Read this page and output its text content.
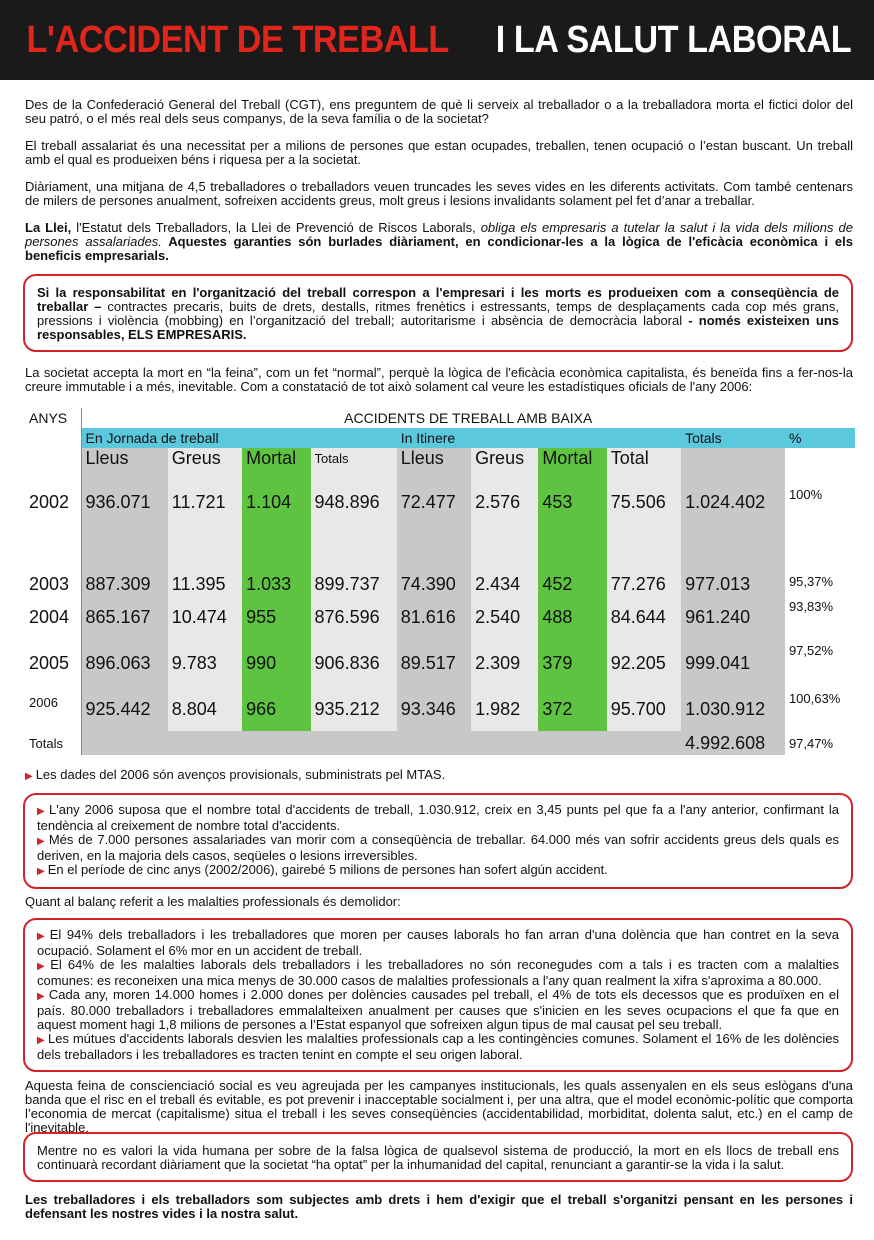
L'ACCIDENT DE TREBALL I LA SALUT LABORAL

Des de la Confederació General del Treball (CGT), ens preguntem de què li serveix al treballador o a la treballadora morta el fictici dolor del seu patró, o el més real dels seus companys, de la seva família o de la societat?

El treball assalariat és una necessitat per a milions de persones que estan ocupades, treballen, tenen ocupació o l’estan buscant. Un treball amb el qual es produeixen béns i riquesa per a la societat.

Diàriament, una mitjana de 4,5 treballadores o treballadors veuen truncades les seves vides en les diferents activitats. Com també centenars de milers de persones anualment, sofreixen accidents greus, molt greus i lesions invalidants solament pel fet d’anar a treballar.

La Llei, l'Estatut dels Treballadors, la Llei de Prevenció de Riscos Laborals, obliga els empresaris a tutelar la salut i la vida dels milions de persones assalariades. Aquestes garanties són burlades diàriament, en condicionar-les a la lògica de l'eficàcia econòmica i els beneficis empresarials.

Si la responsabilitat en l'organització del treball correspon a l'empresari i les morts es produeixen com a conseqüència de treballar – contractes precaris, buits de drets, destalls, ritmes frenètics i estressants, temps de desplaçaments cada cop més grans, pressions i violència (mobbing) en l’organització del treball; autoritarisme i absència de democràcia laboral - només existeixen uns responsables, ELS EMPRESARIS.
La societat accepta la mort en “la feina”, com un fet “normal”, perquè la lògica de l'eficàcia econòmica capitalista, és beneïda fins a fer-nos-la creure immutable i a més, inevitable. Com a constatació de tot això solament cal veure les estadístiques oficials de l'any 2006:
ANYS	ACCIDENTS DE TREBALL AMB BAIXA									
	En Jornada de treball				In Itinere				Totals	%
	Lleus	Greus	Mortal	Totals	Lleus	Greus	Mortal	Total		
2002	936.071	11.721	1.104	948.896	72.477	2.576	453	75.506	1.024.402	100%
2003	887.309	11.395	1.033	899.737	74.390	2.434	452	77.276	977.013	95,37%
2004	865.167	10.474	955	876.596	81.616	2.540	488	84.644	961.240	93,83%
2005	896.063	9.783	990	906.836	89.517	2.309	379	92.205	999.041	97,52%
2006	925.442	8.804	966	935.212	93.346	1.982	372	95.700	1.030.912	100,63%
Totals									4.992.608	97,47%
▶ Les dades del 2006 són avenços provisionals, subministrats pel MTAS.
▶ L'any 2006 suposa que el nombre total d'accidents de treball, 1.030.912, creix en 3,45 punts pel que fa a l'any anterior, confirmant la tendència al creixement de nombre total d'accidents.
▶ Més de 7.000 persones assalariades van morir com a conseqüència de treballar. 64.000 més van sofrir accidents greus dels quals es deriven, en la majoria dels casos, seqüeles o lesions irreversibles.
▶ En el període de cinc anys (2002/2006), gairebé 5 milions de persones han sofert algún accident.
Quant al balanç referit a les malalties professionals és demolidor:
▶ El 94% dels treballadors i les treballadores que moren per causes laborals ho fan arran d'una dolència que han contret en la seva ocupació. Solament el 6% mor en un accident de treball.
▶ El 64% de les malalties laborals dels treballadors i les treballadores no són reconegudes com a tals i es tracten com a malalties comunes: es reconeixen una mica menys de 30.000 casos de malalties professionals a l'any quan realment la xifra s'aproxima a 80.000.
▶ Cada any, moren 14.000 homes i 2.000 dones per dolències causades pel treball, el 4% de tots els decessos que es produïxen en el país. 80.000 treballadors i treballadores emmalalteixen anualment per causes que s'inicien en les seves ocupacions el que fa que en aquest moment hagi 1,8 milions de persones a l’Estat espanyol que sofreixen algun tipus de mal causat pel seu treball.
▶ Les mútues d'accidents laborals desvien les malalties professionals cap a les contingències comunes. Solament el 16% de les dolències dels treballadors i les treballadores es tracten tenint en compte el seu origen laboral.
Aquesta feina de conscienciació social es veu agreujada per les campanyes institucionals, les quals assenyalen en els seus eslògans d'una banda que el risc en el treball és evitable, es pot prevenir i inacceptable socialment i, per una altra, que el model econòmic-polític que comporta l’economia de mercat (capitalisme) situa el treball i les seves conseqüències (accidentabilidad, morbiditat, dolenta salut, etc.) en el camp de l'inevitable.
Mentre no es valori la vida humana per sobre de la falsa lògica de qualsevol sistema de producció, la mort en els llocs de treball ens continuarà recordant diàriament que la societat “ha optat” per la inhumanidad del capital, renunciant a garantir-se la vida i la salut.
Les treballadores i els treballadors som subjectes amb drets i hem d'exigir que el treball s'organitzi pensant en les persones i defensant les nostres vides i la nostra salut.
